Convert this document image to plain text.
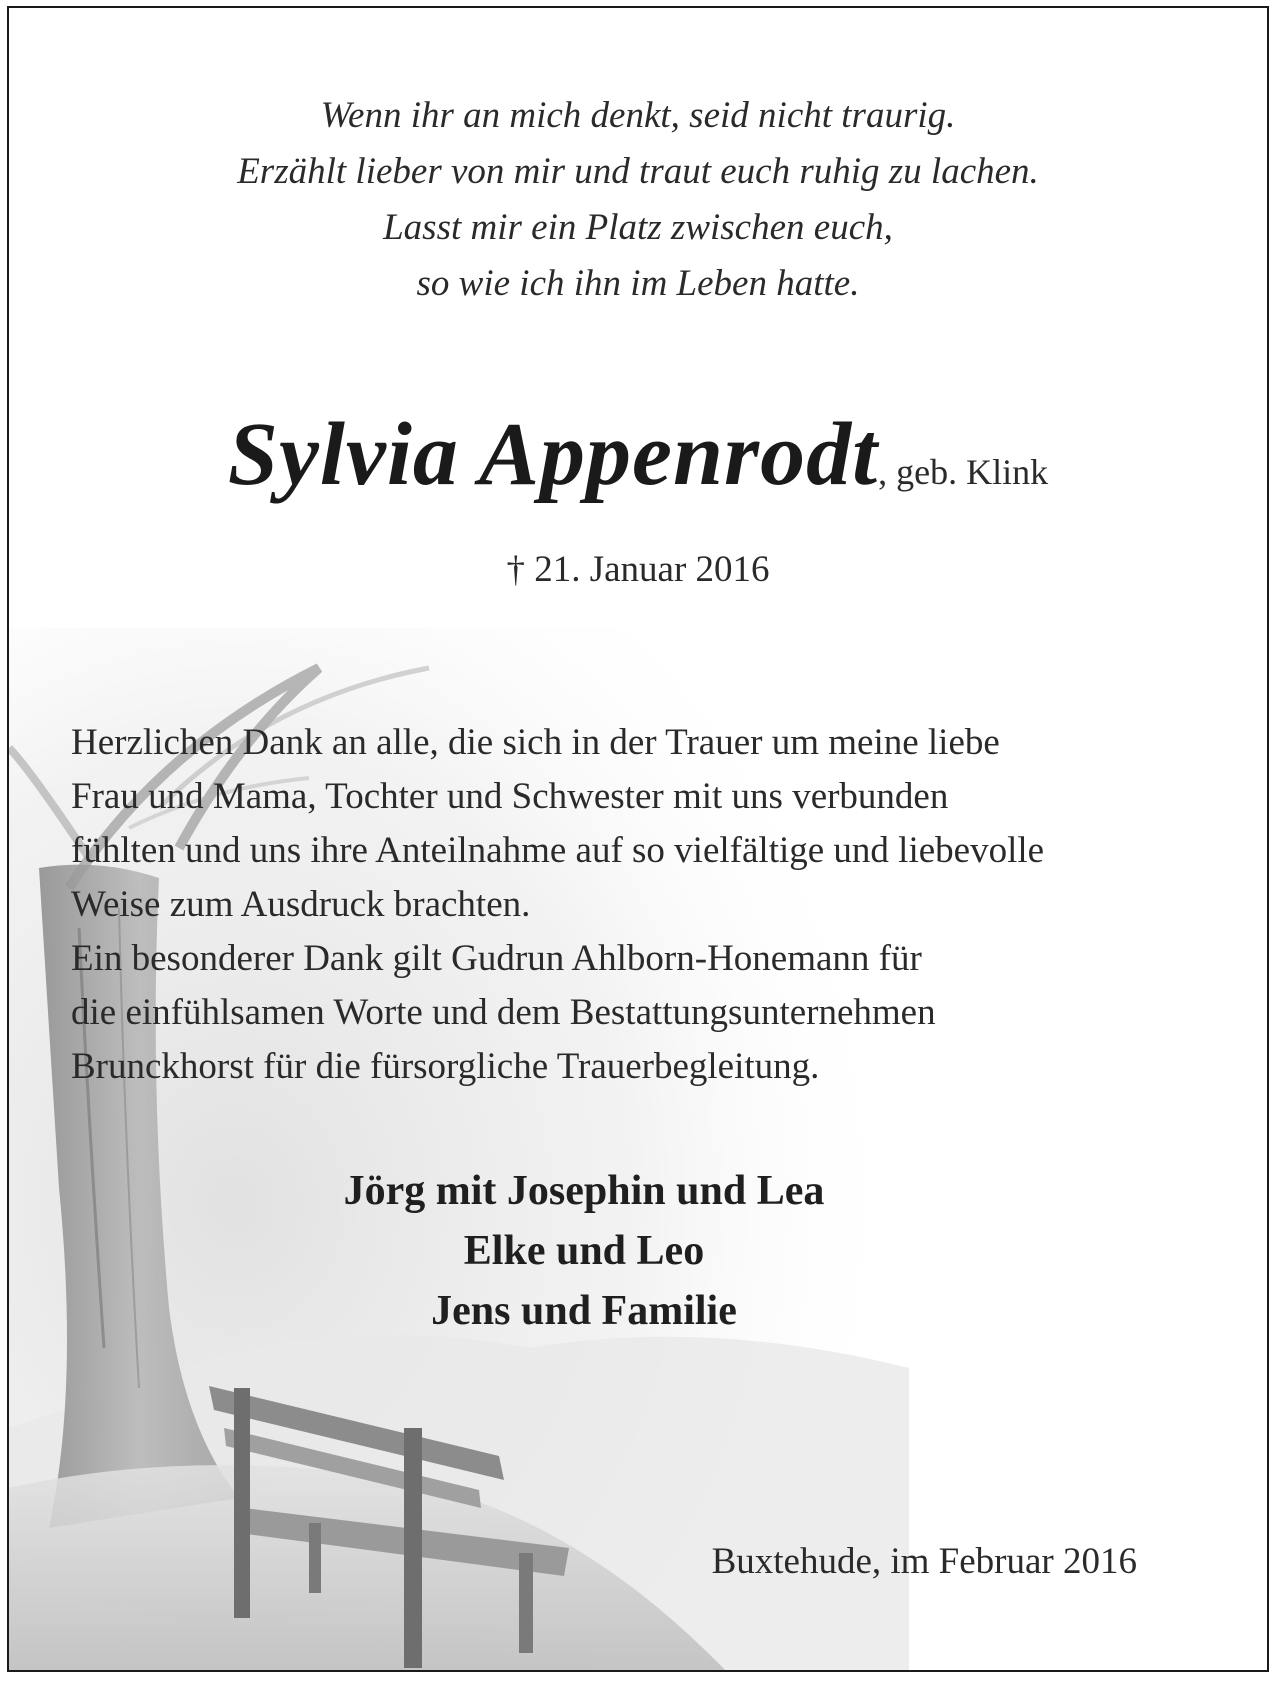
Wenn ihr an mich denkt, seid nicht traurig.
Erzählt lieber von mir und traut euch ruhig zu lachen.
Lasst mir ein Platz zwischen euch,
so wie ich ihn im Leben hatte.
Sylvia Appenrodt, geb. Klink
† 21. Januar 2016
Herzlichen Dank an alle, die sich in der Trauer um meine liebe
Frau und Mama, Tochter und Schwester mit uns verbunden
fühlten und uns ihre Anteilnahme auf so vielfältige und liebevolle
Weise zum Ausdruck brachten.
Ein besonderer Dank gilt Gudrun Ahlborn-Honemann für
die einfühlsamen Worte und dem Bestattungsunternehmen
Brunckhorst für die fürsorgliche Trauerbegleitung.
Jörg mit Josephin und Lea
Elke und Leo
Jens und Familie
Buxtehude, im Februar 2016
